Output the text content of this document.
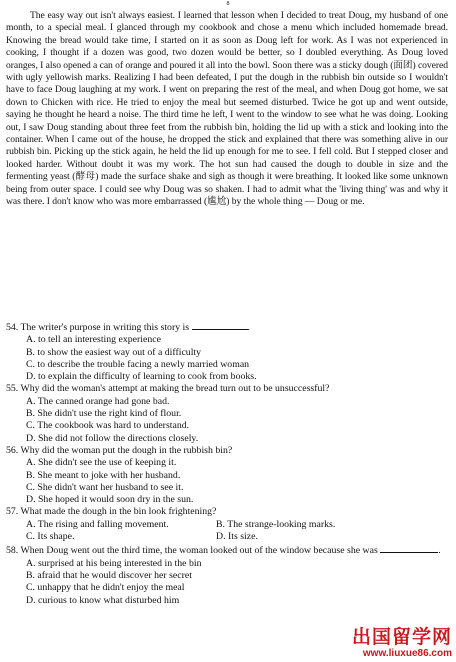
8

The easy way out isn't always easiest. I learned that lesson when I decided to treat Doug, my husband of one month, to a special meal. I glanced through my cookbook and chose a menu which included homemade bread. Knowing the bread would take time, I started on it as soon as Doug left for work. As I was not experienced in cooking, I thought if a dozen was good, two dozen would be better, so I doubled everything. As Doug loved oranges, I also opened a can of orange and poured it all into the bowl. Soon there was a sticky dough (面团) covered with ugly yellowish marks. Realizing I had been defeated, I put the dough in the rubbish bin outside so I wouldn't have to face Doug laughing at my work. I went on preparing the rest of the meal, and when Doug got home, we sat down to Chicken with rice. He tried to enjoy the meal but seemed disturbed. Twice he got up and went outside, saying he thought he heard a noise. The third time he left, I went to the window to see what he was doing. Looking out, I saw Doug standing about three feet from the rubbish bin, holding the lid up with a stick and looking into the container. When I came out of the house, he dropped the stick and explained that there was something alive in our rubbish bin. Picking up the stick again, he held the lid up enough for me to see. I fell cold. But I stepped closer and looked harder. Without doubt it was my work. The hot sun had caused the dough to double in size and the fermenting yeast (酵母) made the surface shake and sigh as though it were breathing. It looked like some unknown being from outer space. I could see why Doug was so shaken. I had to admit what the 'living thing' was and why it was there. I don't know who was more embarrassed (尴尬) by the whole thing — Doug or me.

54. The writer's purpose in writing this story is	.

A. to tell an interesting experience

B. to show the easiest way out of a difficulty

C. to describe the trouble facing a newly married woman

D. to explain the difficulty of learning to cook from books.

55. Why did the woman's attempt at making the bread turn out to be unsuccessful?

A. The canned orange had gone bad.

B. She didn't use the right kind of flour.

C. The cookbook was hard to understand.

D. She did not follow the directions closely.

56. Why did the woman put the dough in the rubbish bin?

A. She didn't see the use of keeping it.

B. She meant to joke with her husband.

C. She didn't want her husband to see it.

D. She hoped it would soon dry in the sun.

57. What made the dough in the bin look frightening?

A. The rising and falling movement.	B. The strange-looking marks.
C. Its shape.	D. Its size.

58. When Doug went out the third time, the woman looked out of the window because she was	.

A. surprised at his being interested in the bin

B. afraid that he would discover her secret

C. unhappy that he didn't enjoy the meal

D. curious to know what disturbed him

出国留学网
www.liuxue86.com
